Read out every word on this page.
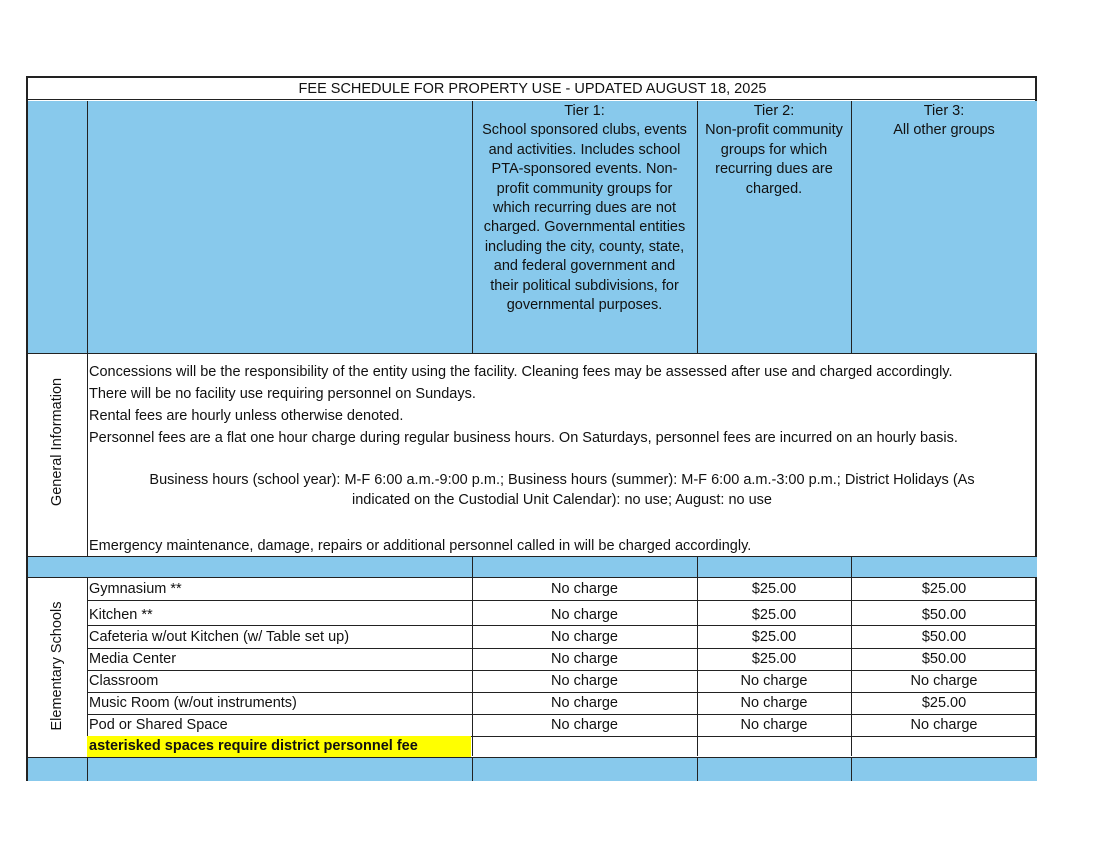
FEE SCHEDULE FOR PROPERTY USE - UPDATED AUGUST 18, 2025
Tier 1:
School sponsored clubs, events
and activities. Includes school
PTA-sponsored events. Non-
profit community groups for
which recurring dues are not
charged. Governmental entities
including the city, county, state,
and federal government and
their political subdivisions, for
governmental purposes.
Tier 2:
Non-profit community
groups for which
recurring dues are
charged.
Tier 3:
All other groups
General Information
Concessions will be the responsibility of the entity using the facility. Cleaning fees may be assessed after use and charged accordingly.
There will be no facility use requiring personnel on Sundays.
Rental fees are hourly unless otherwise denoted.
Personnel fees are a flat one hour charge during regular business hours. On Saturdays, personnel fees are incurred on an hourly basis.
Business hours (school year): M-F 6:00 a.m.-9:00 p.m.; Business hours (summer): M-F 6:00 a.m.-3:00 p.m.; District Holidays (As
indicated on the Custodial Unit Calendar): no use; August: no use
Emergency maintenance, damage, repairs or additional personnel called in will be charged accordingly.
Elementary Schools
Gymnasium **	No charge	$25.00	$25.00
Kitchen **	No charge	$25.00	$50.00
Cafeteria w/out Kitchen (w/ Table set up)	No charge	$25.00	$50.00
Media Center	No charge	$25.00	$50.00
Classroom	No charge	No charge	No charge
Music Room (w/out instruments)	No charge	No charge	$25.00
Pod or Shared Space	No charge	No charge	No charge
asterisked spaces require district personnel fee
